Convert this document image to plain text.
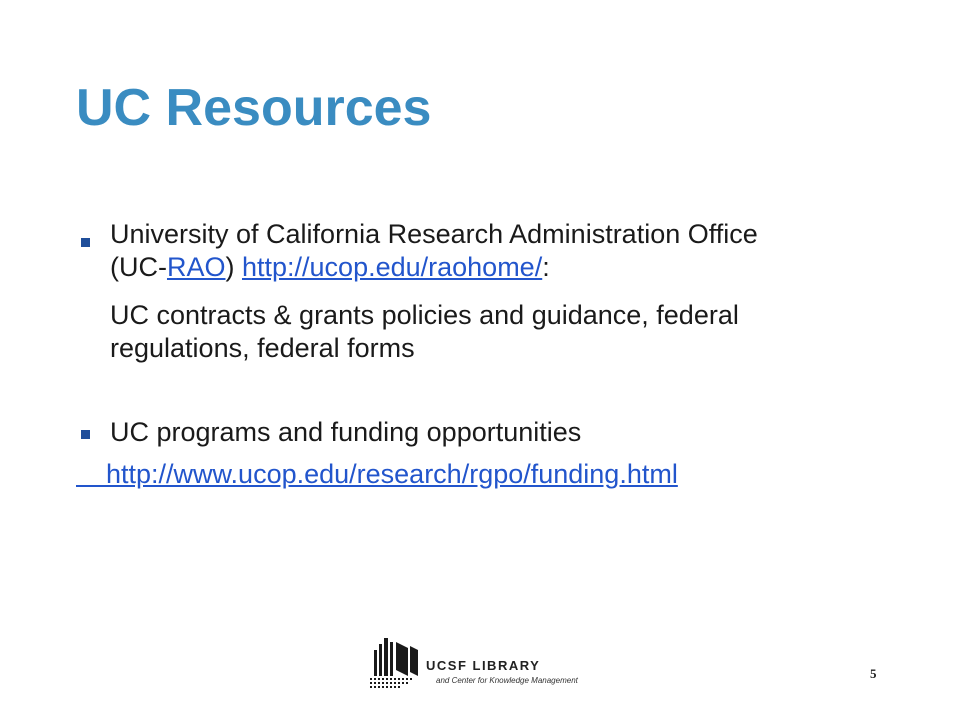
UC Resources
University of California Research Administration Office
(UC-RAO) http://ucop.edu/raohome/:
UC contracts & grants policies and guidance, federal
regulations, federal forms
UC programs and funding opportunities
http://www.ucop.edu/research/rgpo/funding.html
UCSF LIBRARY
and Center for Knowledge Management	5
